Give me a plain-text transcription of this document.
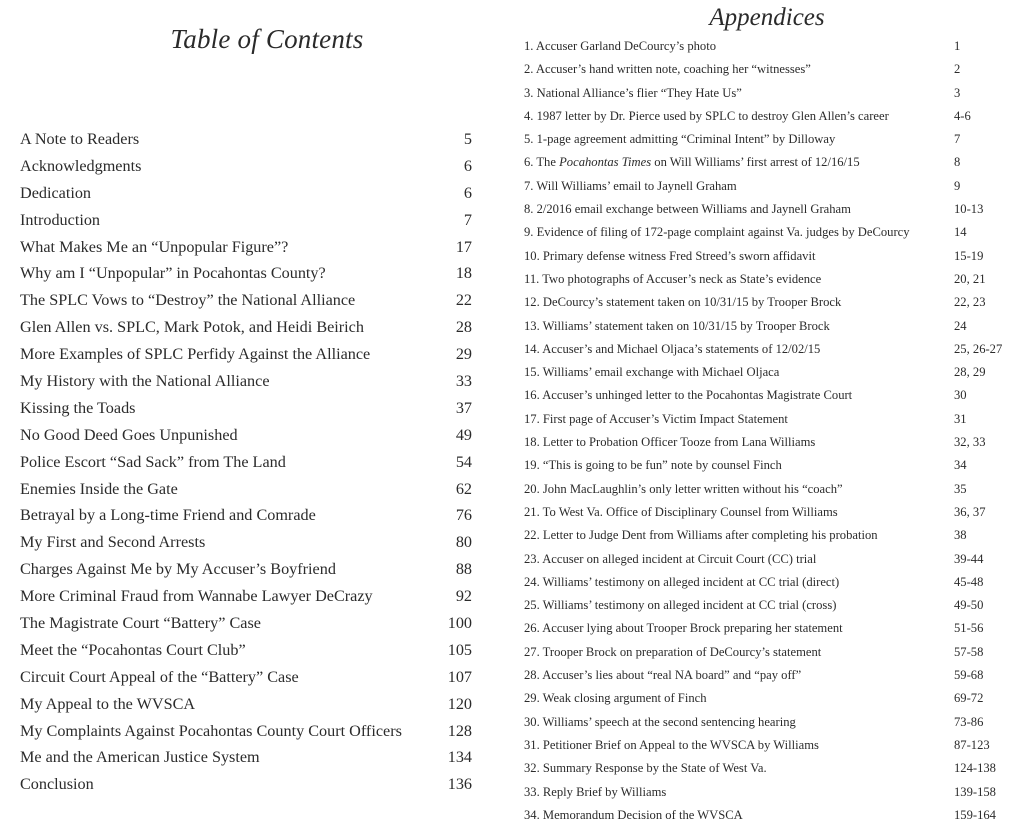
Table of Contents
A Note to Readers	5
Acknowledgments	6
Dedication	6
Introduction	7
What Makes Me an “Unpopular Figure”?	17
Why am I “Unpopular” in Pocahontas County?	18
The SPLC Vows to “Destroy” the National Alliance	22
Glen Allen vs. SPLC, Mark Potok, and Heidi Beirich	28
More Examples of SPLC Perfidy Against the Alliance	29
My History with the National Alliance	33
Kissing the Toads	37
No Good Deed Goes Unpunished	49
Police Escort “Sad Sack” from The Land	54
Enemies Inside the Gate	62
Betrayal by a Long-time Friend and Comrade	76
My First and Second Arrests	80
Charges Against Me by My Accuser’s Boyfriend	88
More Criminal Fraud from Wannabe Lawyer DeCrazy	92
The Magistrate Court “Battery” Case	100
Meet the “Pocahontas Court Club”	105
Circuit Court Appeal of the “Battery” Case	107
My Appeal to the WVSCA	120
My Complaints Against Pocahontas County Court Officers	128
Me and the American Justice System	134
Conclusion	136
Appendices
1. Accuser Garland DeCourcy’s photo	1
2. Accuser’s hand written note, coaching her “witnesses”	2
3. National Alliance’s flier “They Hate Us”	3
4. 1987 letter by Dr. Pierce used by SPLC to destroy Glen Allen’s career	4-6
5. 1-page agreement admitting “Criminal Intent” by Dilloway	7
6. The Pocahontas Times on Will Williams’ first arrest of 12/16/15	8
7. Will Williams’ email to Jaynell Graham	9
8. 2/2016 email exchange between Williams and Jaynell Graham	10-13
9. Evidence of filing of 172-page complaint against Va. judges by DeCourcy	14
10. Primary defense witness Fred Streed’s sworn affidavit	15-19
11. Two photographs of Accuser’s neck as State’s evidence	20, 21
12. DeCourcy’s statement taken on 10/31/15 by Trooper Brock	22, 23
13. Williams’ statement taken on 10/31/15 by Trooper Brock	24
14. Accuser’s and Michael Oljaca’s statements of 12/02/15	25, 26-27
15. Williams’ email exchange with Michael Oljaca	28, 29
16. Accuser’s unhinged letter to the Pocahontas Magistrate Court	30
17. First page of Accuser’s Victim Impact Statement	31
18. Letter to Probation Officer Tooze from Lana Williams	32, 33
19. “This is going to be fun” note by counsel Finch	34
20. John MacLaughlin’s only letter written without his “coach”	35
21. To West Va. Office of Disciplinary Counsel from Williams	36, 37
22. Letter to Judge Dent from Williams after completing his probation	38
23. Accuser on alleged incident at Circuit Court (CC) trial	39-44
24. Williams’ testimony on alleged incident at CC trial (direct)	45-48
25. Williams’ testimony on alleged incident at CC trial (cross)	49-50
26. Accuser lying about Trooper Brock preparing her statement	51-56
27. Trooper Brock on preparation of DeCourcy’s statement	57-58
28. Accuser’s lies about “real NA board” and “pay off”	59-68
29. Weak closing argument of Finch	69-72
30. Williams’ speech at the second sentencing hearing	73-86
31. Petitioner Brief on Appeal to the WVSCA by Williams	87-123
32. Summary Response by the State of West Va.	124-138
33. Reply Brief by Williams	139-158
34. Memorandum Decision of the WVSCA	159-164
